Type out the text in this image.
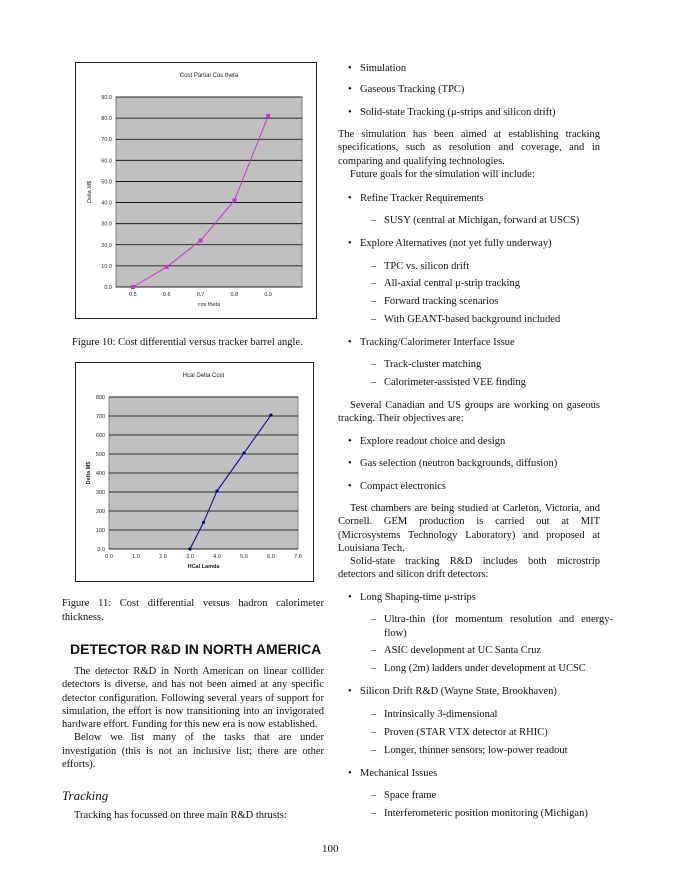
0.0
10.0
20.0
30.0
40.0
50.0
60.0
70.0
80.0
90.0
0.5	0.6	0.7	0.8	0.9
Cost Partial Cos theta
cos theta
Delta M$
Figure 10: Cost differential versus tracker barrel angle.
0.0
100
200
300
400
500
600
700
800
0.0	1.0	2.0	3.0	4.0	5.0	6.0	7.0
Hcal Delta Cost
HCal Lamda
Delta M$
Figure 11: Cost differential versus hadron calorimeter thickness.
DETECTOR R&D IN NORTH AMERICA

The detector R&D in North American on linear collider detectors is diverse, and has not been aimed at any specific detector configuration. Following several years of support for simulation, the effort is now transitioning into an invigorated hardware effort. Funding for this new era is now established.

Below we list many of the tasks that are under investigation (this is not an inclusive list; there are other efforts).

Tracking

Tracking has focussed on three main R&D thrusts:

• Simulation
• Gaseous Tracking (TPC)
• Solid-state Tracking (μ-strips and silicon drift)

The simulation has been aimed at establishing tracking specifications, such as resolution and coverage, and in comparing and qualifying technologies.

Future goals for the simulation will include:

• Refine Tracker Requirements
– SUSY (central at Michigan, forward at USCS)
• Explore Alternatives (not yet fully underway)
– TPC vs. silicon drift
– All-axial central μ-strip tracking
– Forward tracking scenarios
– With GEANT-based background included
• Tracking/Calorimeter Interface Issue
– Track-cluster matching
– Calorimeter-assisted VEE finding

Several Canadian and US groups are working on gaseous tracking. Their objectives are:

• Explore readout choice and design
• Gas selection (neutron backgrounds, diffusion)
• Compact electronics

Test chambers are being studied at Carleton, Victoria, and Cornell. GEM production is carried out at MIT (Microsystems Technology Laboratory) and proposed at Louisiana Tech.

Solid-state tracking R&D includes both microstrip detectors and silicon drift detectors:

• Long Shaping-time μ-strips
– Ultra-thin (for momentum resolution and energy-flow)
– ASIC development at UC Santa Cruz
– Long (2m) ladders under development at UCSC
• Silicon Drift R&D (Wayne State, Brookhaven)
– Intrinsically 3-dimensional
– Proven (STAR VTX detector at RHIC)
– Longer, thinner sensors; low-power readout
• Mechanical Issues
– Space frame
– Interferometeric position monitoring (Michigan)
100
